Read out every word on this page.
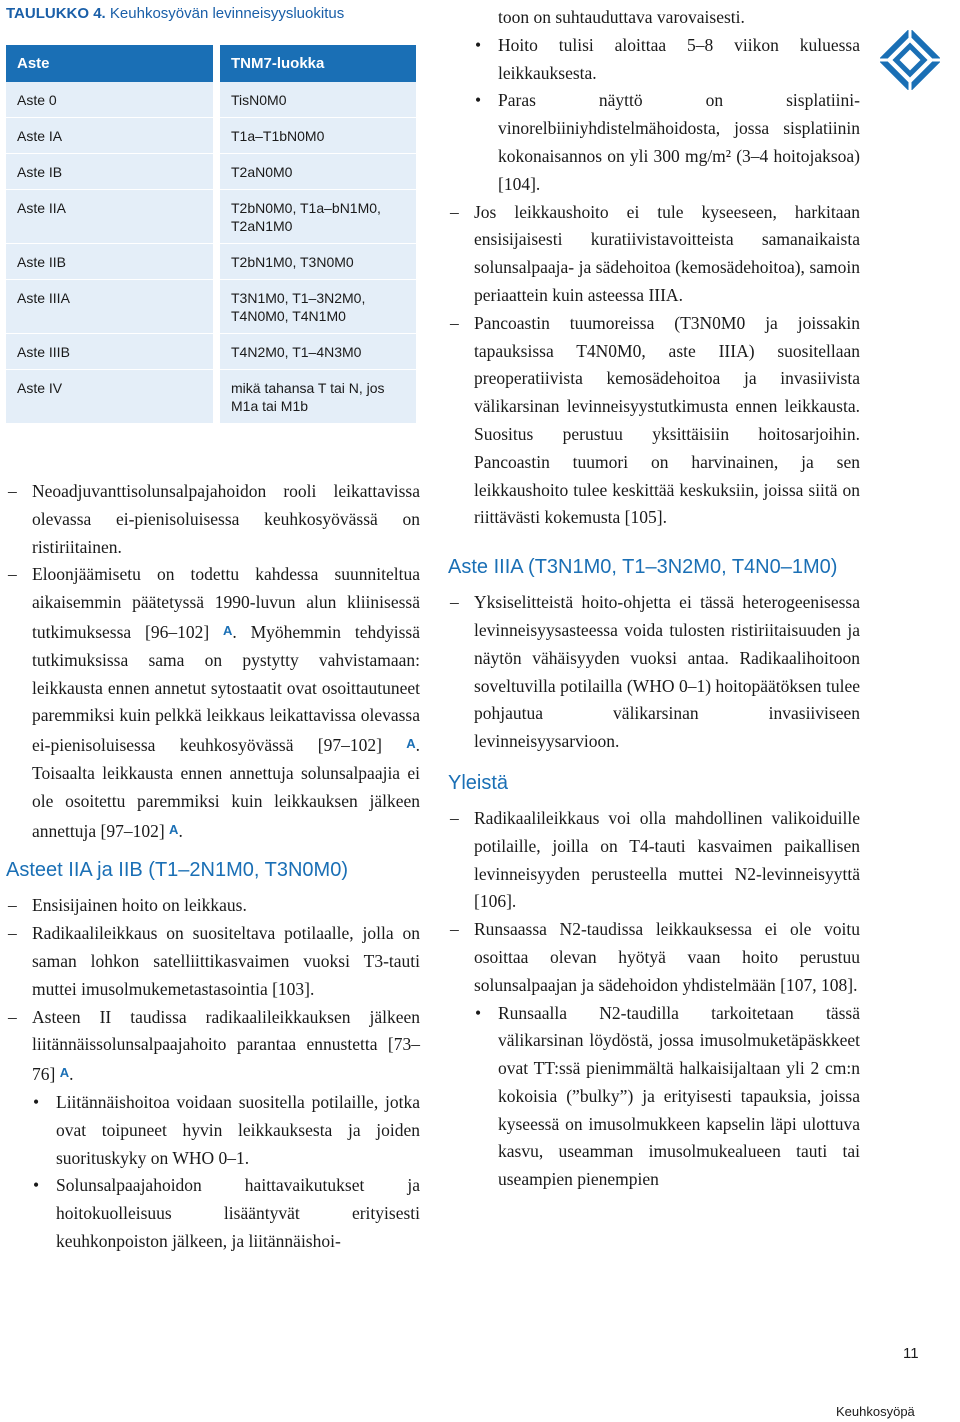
TAULUKKO 4. Keuhkosyövän levinneisyysluokitus
Aste	TNM7-luokka
Aste 0	TisN0M0
Aste IA	T1a–T1bN0M0
Aste IB	T2aN0M0
Aste IIA	T2bN0M0, T1a–bN1M0, T2aN1M0
Aste IIB	T2bN1M0, T3N0M0
Aste IIIA	T3N1M0, T1–3N2M0, T4N0M0, T4N1M0
Aste IIIB	T4N2M0, T1–4N3M0
Aste IV	mikä tahansa T tai N, jos M1a tai M1b
– Neoadjuvanttisolunsalpajahoidon rooli leikattavissa olevassa ei-pienisoluisessa keuhkosyövässä on ristiriitainen.
– Eloonjäämisetu on todettu kahdessa suunniteltua aikaisemmin päätetyssä 1990-luvun alun kliinisessä tutkimuksessa [96–102] A. Myöhemmin tehdyissä tutkimuksissa sama on pystytty vahvistamaan: leikkausta ennen annetut sytostaatit ovat osoittautuneet paremmiksi kuin pelkkä leikkaus leikattavissa olevassa ei-pienisoluisessa keuhkosyövässä [97–102] A. Toisaalta leikkausta ennen annettuja solunsalpaajia ei ole osoitettu paremmiksi kuin leikkauksen jälkeen annettuja [97–102] A.
Asteet IIA ja IIB (T1–2N1M0, T3N0M0)
– Ensisijainen hoito on leikkaus.
– Radikaalileikkaus on suositeltava potilaalle, jolla on saman lohkon satelliittikasvaimen vuoksi T3-tauti muttei imusolmukemetastasointia [103].
– Asteen II taudissa radikaalileikkauksen jälkeen liitännäissolunsalpaajahoito parantaa ennustetta [73–76] A.
• Liitännäishoitoa voidaan suositella potilaille, jotka ovat toipuneet hyvin leikkauksesta ja joiden suorituskyky on WHO 0–1.
• Solunsalpaajahoidon haittavaikutukset ja hoitokuolleisuus lisääntyvät erityisesti keuhkonpoiston jälkeen, ja liitännäishoi-
toon on suhtauduttava varovaisesti.
• Hoito tulisi aloittaa 5–8 viikon kuluessa leikkauksesta.
• Paras näyttö on sisplatiini-vinorelbiiniyhdistelmähoidosta, jossa sisplatiinin kokonaisannos on yli 300 mg/m² (3–4 hoitojaksoa) [104].
– Jos leikkaushoito ei tule kyseeseen, harkitaan ensisijaisesti kuratiivistavoitteista samanaikaista solunsalpaaja- ja sädehoitoa (kemosädehoitoa), samoin periaattein kuin asteessa IIIA.
– Pancoastin tuumoreissa (T3N0M0 ja joissakin tapauksissa T4N0M0, aste IIIA) suositellaan preoperatiivista kemosädehoitoa ja invasiivista välikarsinan levinneisyystutkimusta ennen leikkausta. Suositus perustuu yksittäisiin hoitosarjoihin. Pancoastin tuumori on harvinainen, ja sen leikkaushoito tulee keskittää keskuksiin, joissa siitä on riittävästi kokemusta [105].
Aste IIIA (T3N1M0, T1–3N2M0, T4N0–1M0)
– Yksiselitteistä hoito-ohjetta ei tässä heterogeenisessa levinneisyysasteessa voida tulosten ristiriitaisuuden ja näytön vähäisyyden vuoksi antaa. Radikaalihoitoon soveltuvilla potilailla (WHO 0–1) hoitopäätöksen tulee pohjautua välikarsinan invasiiviseen levinneisyysarvioon.
Yleistä
– Radikaalileikkaus voi olla mahdollinen valikoiduille potilaille, joilla on T4-tauti kasvaimen paikallisen levinneisyyden perusteella muttei N2-levinneisyyttä [106].
– Runsaassa N2-taudissa leikkauksessa ei ole voitu osoittaa olevan hyötyä vaan hoito perustuu solunsalpaajan ja sädehoidon yhdistelmään [107, 108].
• Runsaalla N2-taudilla tarkoitetaan tässä välikarsinan löydöstä, jossa imusolmuketäpäskkeet ovat TT:ssä pienimmältä halkaisijaltaan yli 2 cm:n kokoisia (”bulky”) ja erityisesti tapauksia, joissa kyseessä on imusolmukkeen kapselin läpi ulottuva kasvu, useamman imusolmukealueen tauti tai useampien pienempien
11
Keuhkosyöpä
